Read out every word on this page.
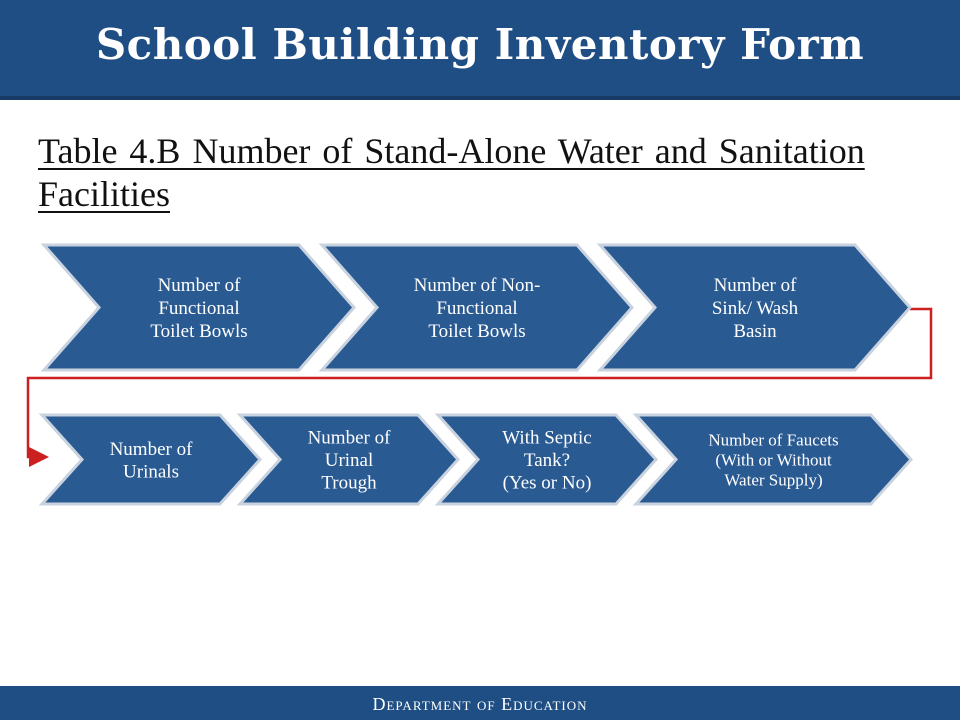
School Building Inventory Form
Table 4.B Number of Stand-Alone Water and Sanitation Facilities
Number of
Functional
Toilet Bowls
Number of Non-
Functional
Toilet Bowls
Number of
Sink/ Wash
Basin
Number of
Urinals
Number of
Urinal
Trough
With Septic
Tank?
(Yes or No)
Number of Faucets
(With or Without
Water Supply)
Department of Education
